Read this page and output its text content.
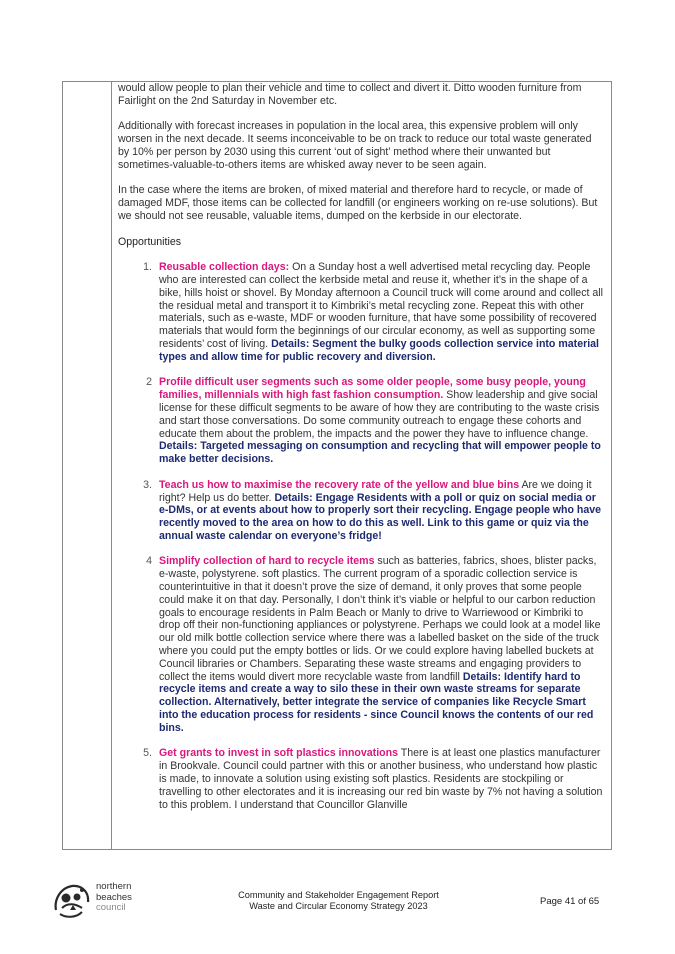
would allow people to plan their vehicle and time to collect and divert it. Ditto wooden furniture from Fairlight on the 2nd Saturday in November etc.

Additionally with forecast increases in population in the local area, this expensive problem will only worsen in the next decade. It seems inconceivable to be on track to reduce our total waste generated by 10% per person by 2030 using this current ‘out of sight’ method where their unwanted but sometimes-valuable-to-others items are whisked away never to be seen again.

In the case where the items are broken, of mixed material and therefore hard to recycle, or made of damaged MDF, those items can be collected for landfill (or engineers working on re-use solutions). But we should not see reusable, valuable items, dumped on the kerbside in our electorate.

Opportunities
1. Reusable collection days: On a Sunday host a well advertised metal recycling day. People who are interested can collect the kerbside metal and reuse it, whether it’s in the shape of a bike, hills hoist or shovel. By Monday afternoon a Council truck will come around and collect all the residual metal and transport it to Kimbriki’s metal recycling zone. Repeat this with other materials, such as e-waste, MDF or wooden furniture, that have some possibility of recovered materials that would form the beginnings of our circular economy, as well as supporting some residents’ cost of living. Details: Segment the bulky goods collection service into material types and allow time for public recovery and diversion.
2 Profile difficult user segments such as some older people, some busy people, young families, millennials with high fast fashion consumption. Show leadership and give social license for these difficult segments to be aware of how they are contributing to the waste crisis and start those conversations. Do some community outreach to engage these cohorts and educate them about the problem, the impacts and the power they have to influence change. Details: Targeted messaging on consumption and recycling that will empower people to make better decisions.
3. Teach us how to maximise the recovery rate of the yellow and blue bins Are we doing it right? Help us do better. Details: Engage Residents with a poll or quiz on social media or e-DMs, or at events about how to properly sort their recycling. Engage people who have recently moved to the area on how to do this as well. Link to this game or quiz via the annual waste calendar on everyone’s fridge!
4 Simplify collection of hard to recycle items such as batteries, fabrics, shoes, blister packs, e-waste, polystyrene. soft plastics. The current program of a sporadic collection service is counterintuitive in that it doesn’t prove the size of demand, it only proves that some people could make it on that day. Personally, I don’t think it’s viable or helpful to our carbon reduction goals to encourage residents in Palm Beach or Manly to drive to Warriewood or Kimbriki to drop off their non-functioning appliances or polystyrene. Perhaps we could look at a model like our old milk bottle collection service where there was a labelled basket on the side of the truck where you could put the empty bottles or lids. Or we could explore having labelled buckets at Council libraries or Chambers. Separating these waste streams and engaging providers to collect the items would divert more recyclable waste from landfill Details: Identify hard to recycle items and create a way to silo these in their own waste streams for separate collection. Alternatively, better integrate the service of companies like Recycle Smart into the education process for residents - since Council knows the contents of our red bins.
5. Get grants to invest in soft plastics innovations There is at least one plastics manufacturer in Brookvale. Council could partner with this or another business, who understand how plastic is made, to innovate a solution using existing soft plastics. Residents are stockpiling or travelling to other electorates and it is increasing our red bin waste by 7% not having a solution to this problem. I understand that Councillor Glanville
northern
beaches
council
Community and Stakeholder Engagement Report
Waste and Circular Economy Strategy 2023	Page 41 of 65
